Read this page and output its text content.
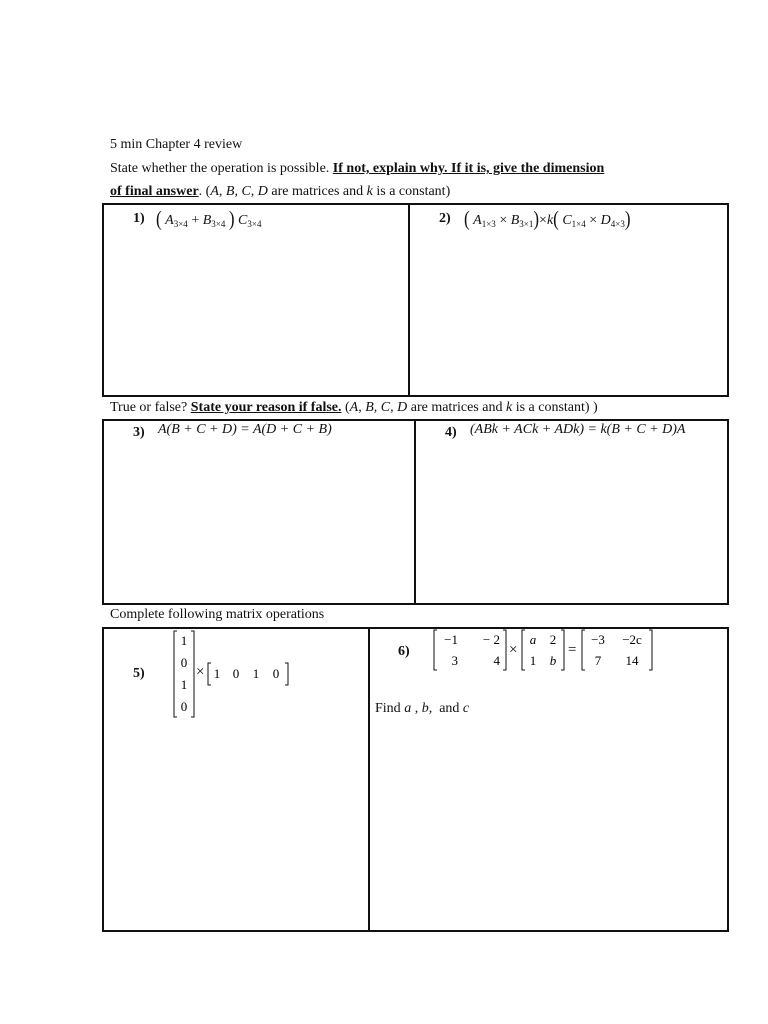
5 min Chapter 4 review
State whether the operation is possible. If not, explain why. If it is, give the dimension
of final answer. (A, B, C, D are matrices and k is a constant)
1) ( $A_{3\times 4} + B_{3\times 4}$ ) $C_{3\times 4}$	2) ( $A_{1\times 3} \times B_{3\times 1})\times k$( $C_{1\times 4} \times D_{4\times 3}$)
True or false? State your reason if false. (A, B, C, D are matrices and k is a constant) )
3) A(B + C + D) = A(D + C + B)	4) (ABk + ACk + ADk) = k(B + C + D)A
Complete following matrix operations
5)
1
0
1
0
× 1 0 1 0
6)
−1 − 2
3	4
×
a 2
1 b
=
−3 −2c
7 14
Find a , b,  and c
